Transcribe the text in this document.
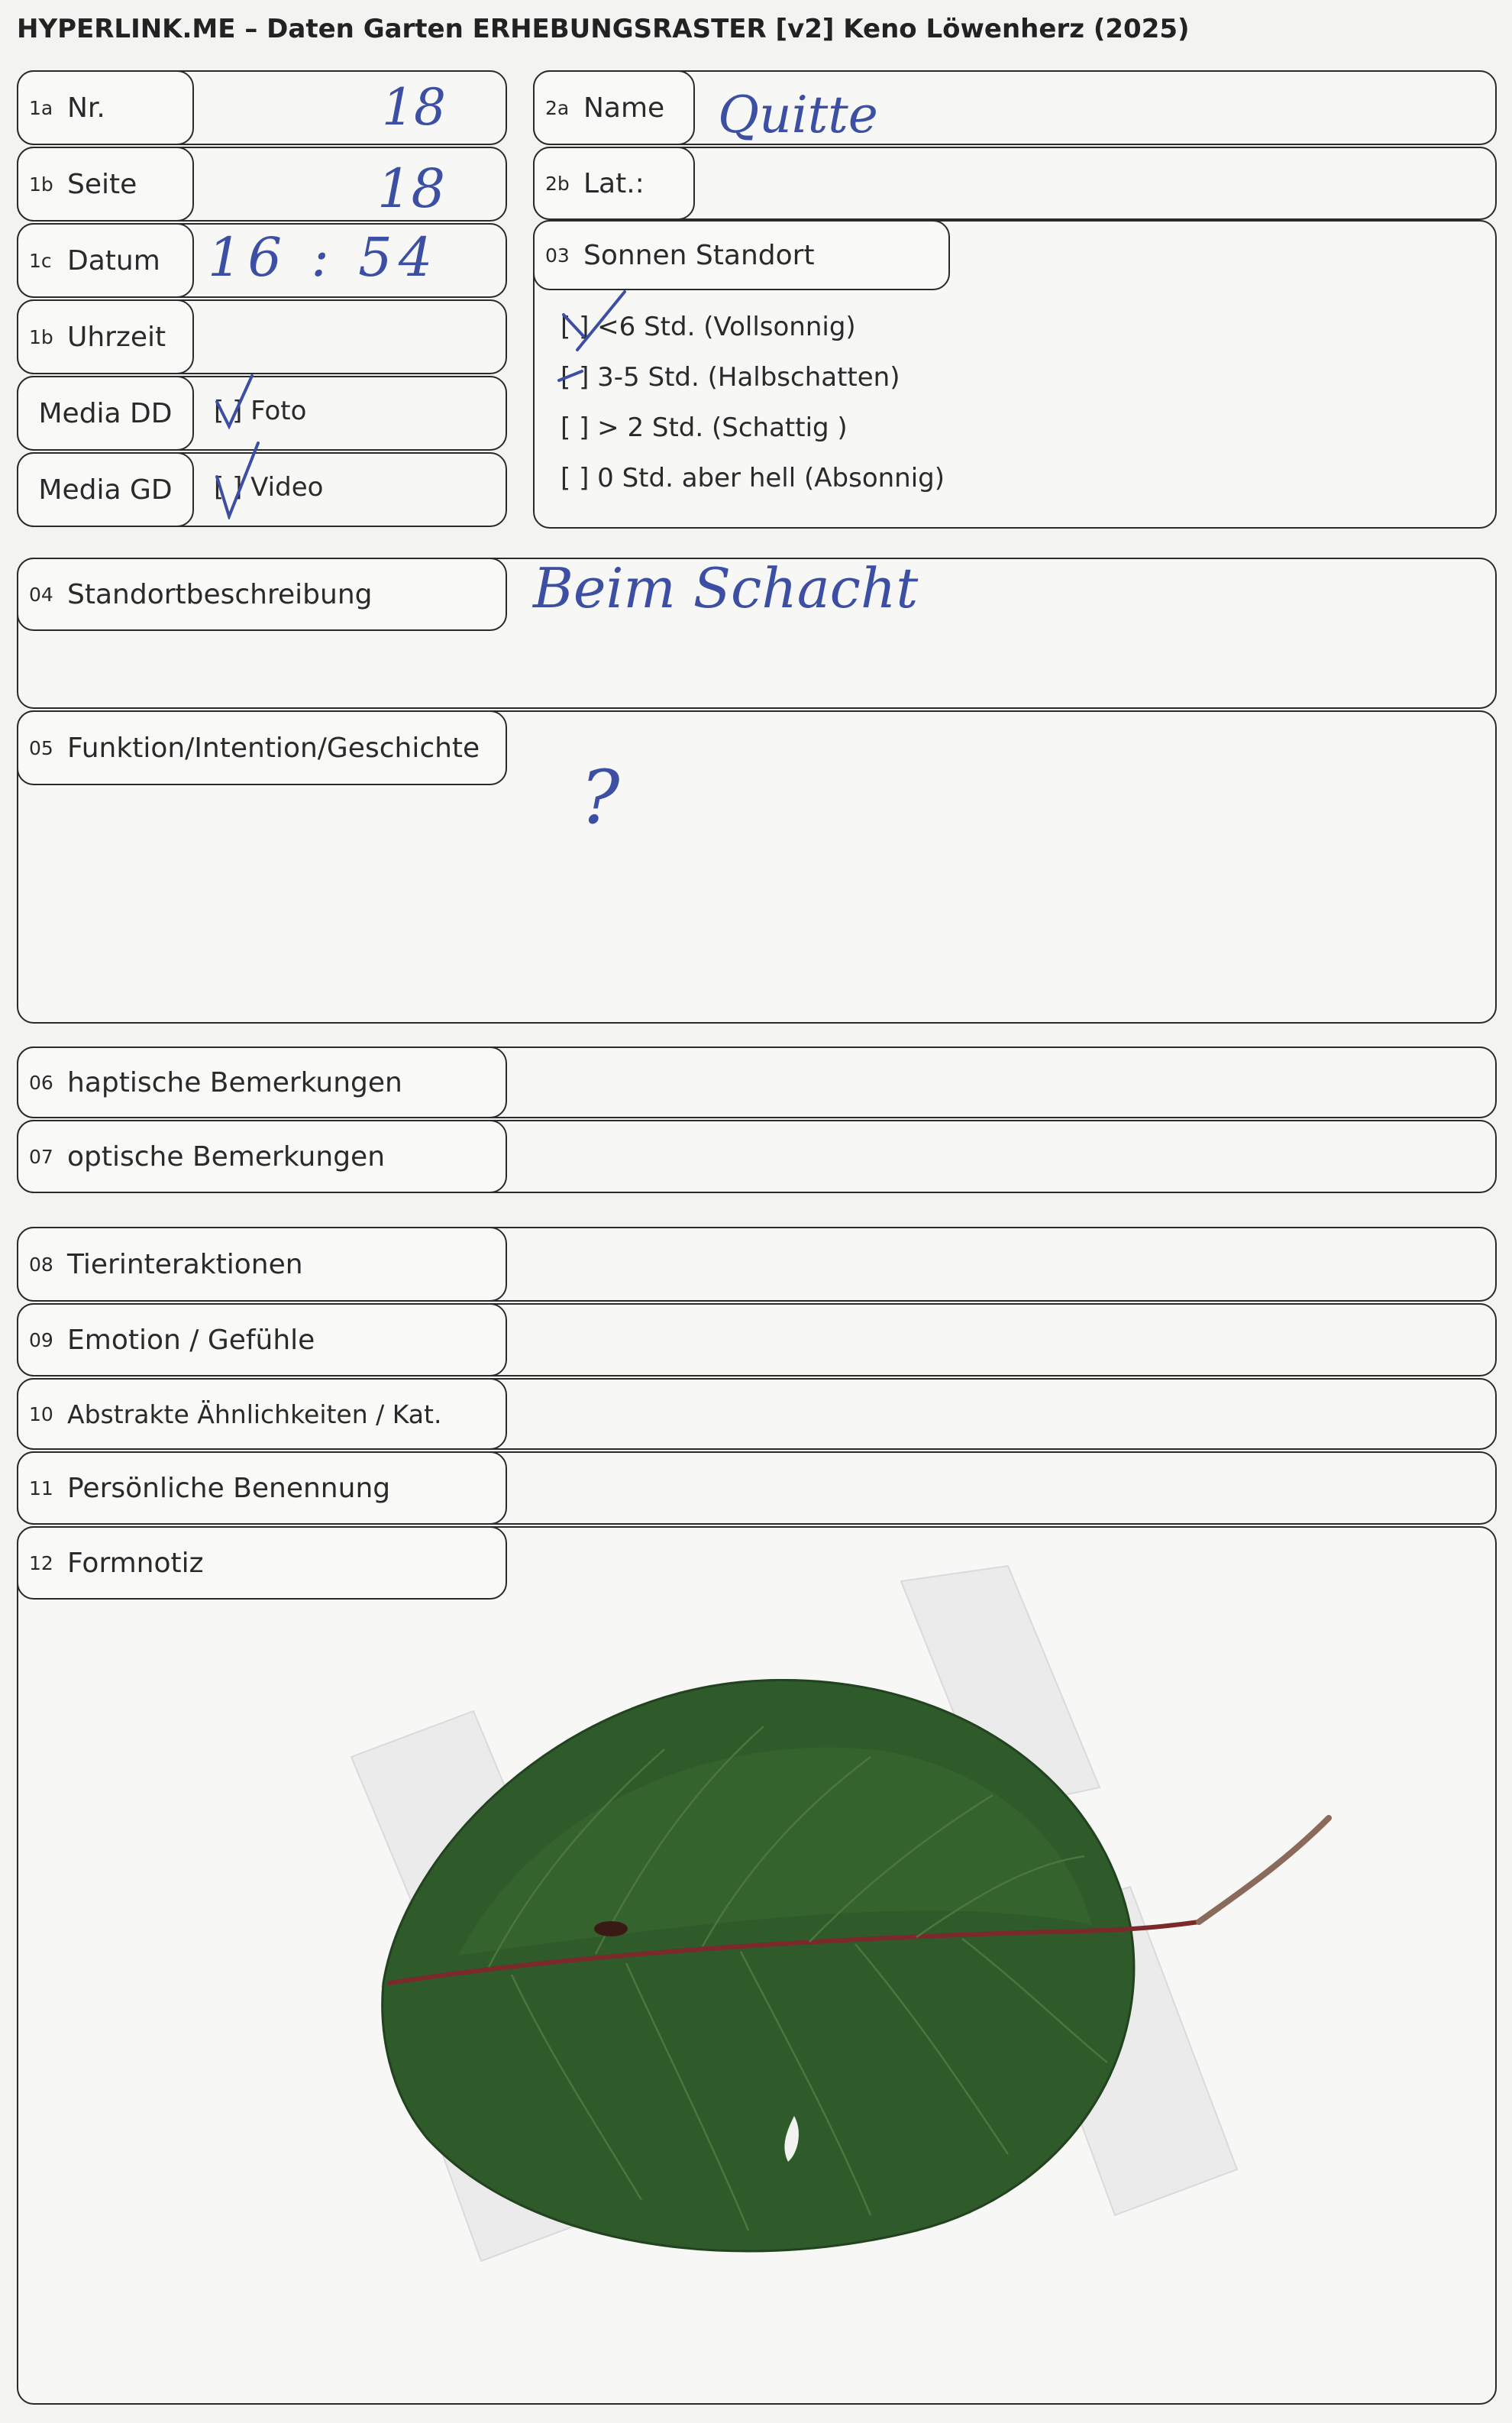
HYPERLINK.ME – Daten Garten ERHEBUNGSRASTER [v2] Keno Löwenherz (2025)
1a Nr.	18
1b Seite	18
1c Datum 16 : 54
1b Uhrzeit
Media DD [ ] Foto
Media GD [ ] Video
2a Name Quitte
2b Lat.:
03 Sonnen Standort
[ ] <6 Std. (Vollsonnig)
[ ] 3-5 Std. (Halbschatten)
[ ] > 2 Std. (Schattig )
[ ] 0 Std. aber hell (Absonnig)
04 Standortbeschreibung	Beim Schacht
05 Funktion/Intention/Geschichte
?
06 haptische Bemerkungen
07 optische Bemerkungen
08 Tierinteraktionen
09 Emotion / Gefühle
10 Abstrakte Ähnlichkeiten / Kat.
11 Persönliche Benennung
12 Formnotiz
